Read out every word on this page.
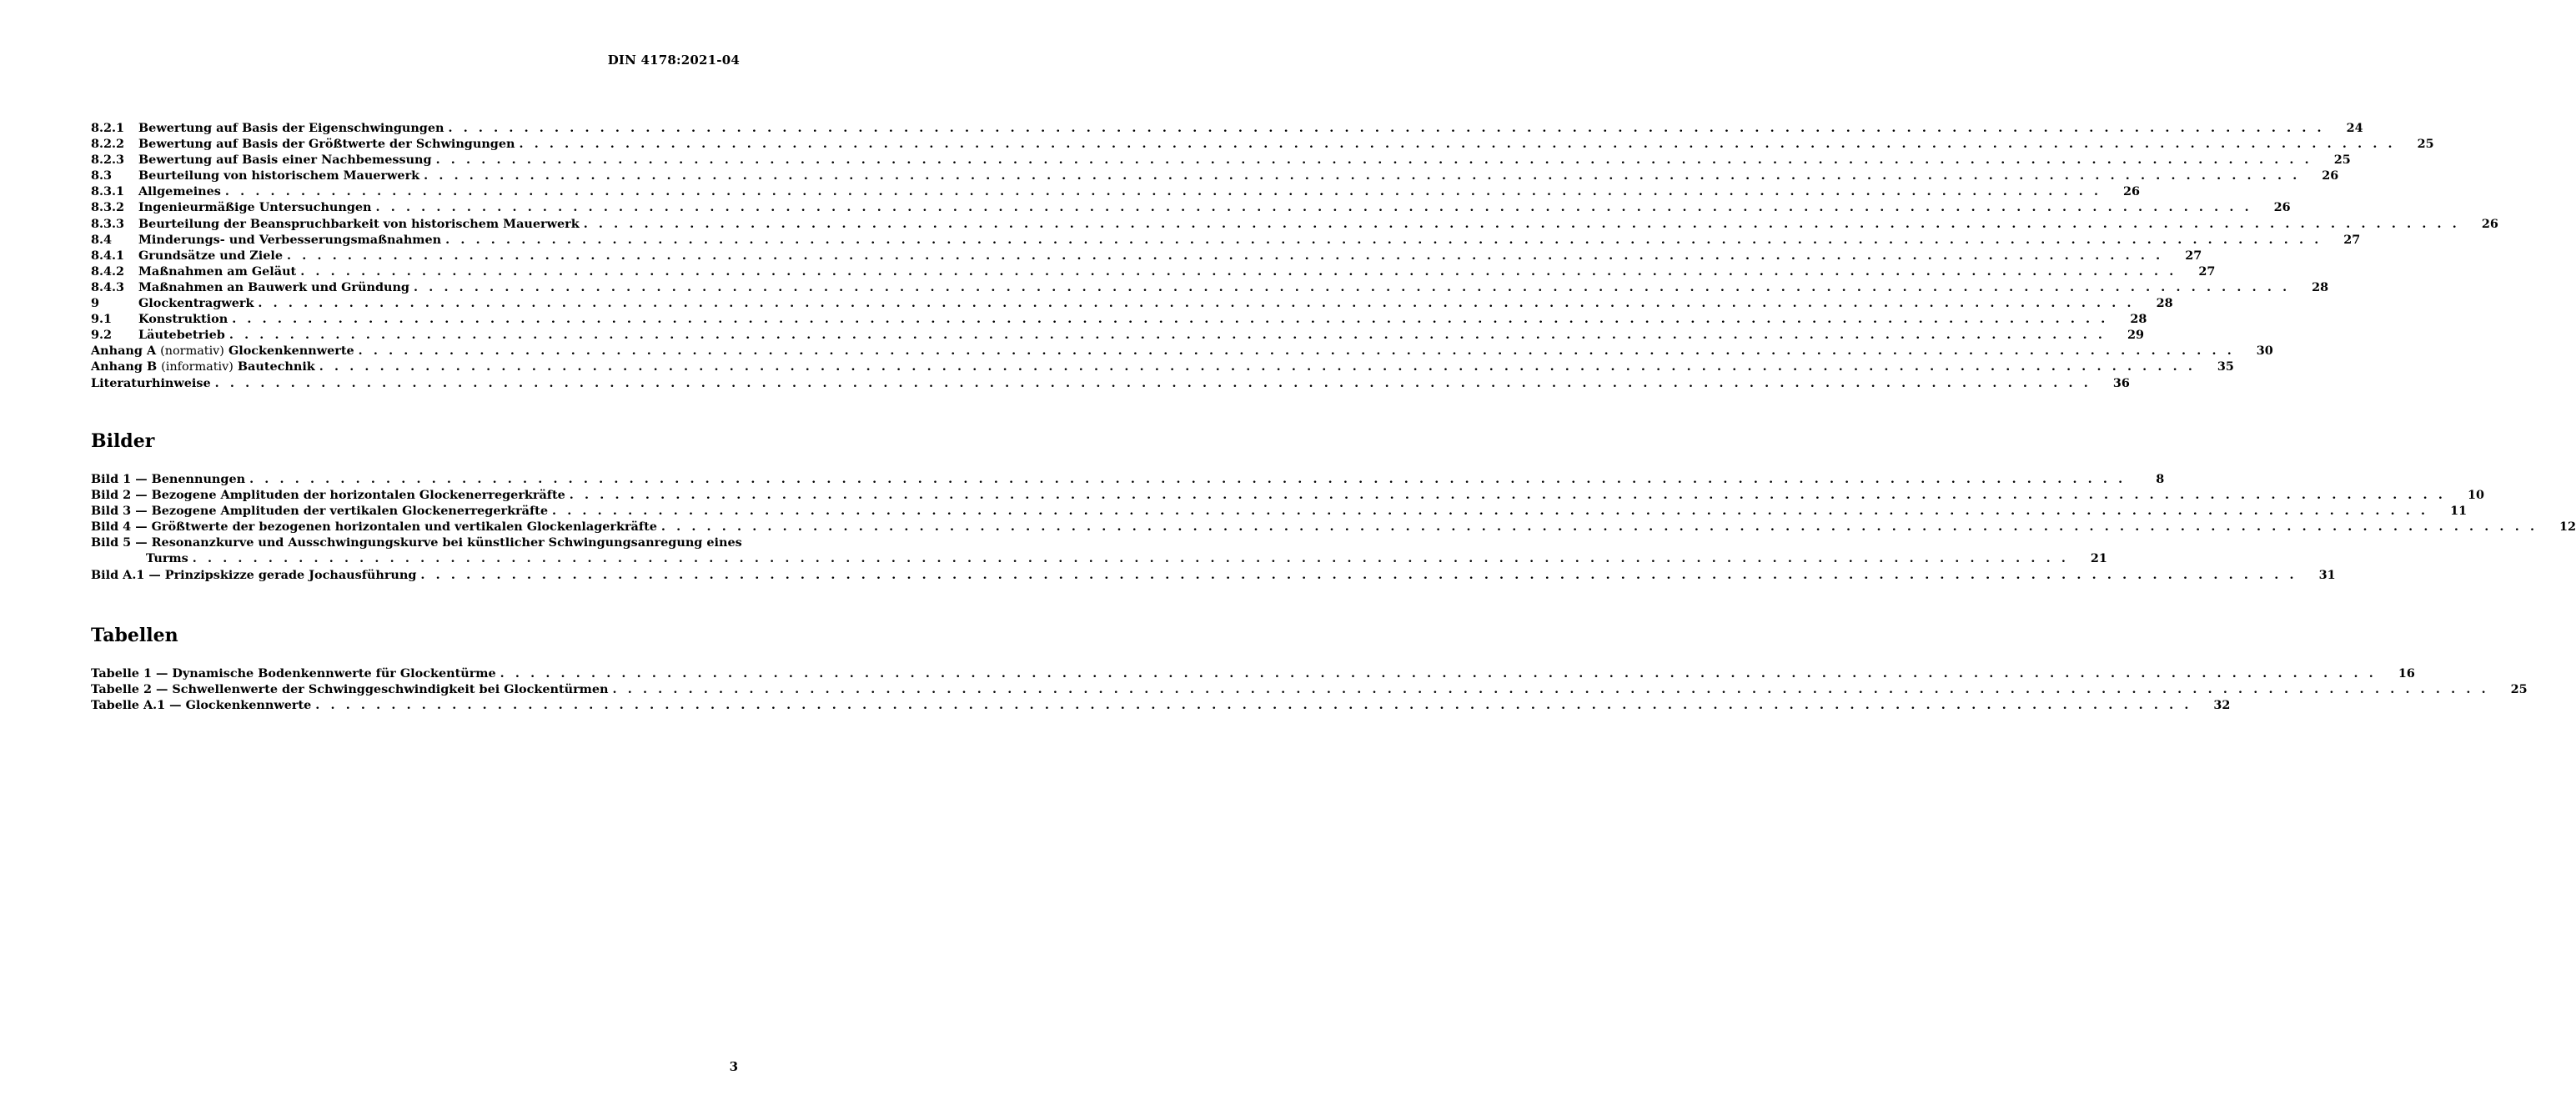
DIN 4178:2021-04
8.2.1	Bewertung auf Basis der Eigenschwingungen . . .	24
8.2.2	Bewertung auf Basis der Größtwerte der Schwingungen . . .	25
8.2.3	Bewertung auf Basis einer Nachbemessung . . .	25
8.3	Beurteilung von historischem Mauerwerk . . .	26
8.3.1	Allgemeines . . .	26
8.3.2	Ingenieurmäßige Untersuchungen . . .	26
8.3.3	Beurteilung der Beanspruchbarkeit von historischem Mauerwerk . . .	26
8.4	Minderungs- und Verbesserungsmaßnahmen . . .	27
8.4.1	Grundsätze und Ziele . . .	27
8.4.2	Maßnahmen am Geläut . . .	27
8.4.3	Maßnahmen an Bauwerk und Gründung . . .	28
9	Glockentragwerk . . .	28
9.1	Konstruktion . . .	28
9.2	Läutebetrieb . . .	29
Anhang A (normativ) Glockenkennwerte . . .	30
Anhang B (informativ) Bautechnik . . .	35
Literaturhinweise . . .	36
Bilder
Bild 1 — Benennungen . . .	8
Bild 2 — Bezogene Amplituden der horizontalen Glockenerregerkräfte . . .	10
Bild 3 — Bezogene Amplituden der vertikalen Glockenerregerkräfte . . .	11
Bild 4 — Größtwerte der bezogenen horizontalen und vertikalen Glockenlagerkräfte . . .	12
Bild 5 — Resonanzkurve und Ausschwingungskurve bei künstlicher Schwingungsanregung eines
Turms . . .	21
Bild A.1 — Prinzipskizze gerade Jochausführung . . .	31
Tabellen
Tabelle 1 — Dynamische Bodenkennwerte für Glockentürme . . .	16
Tabelle 2 — Schwellenwerte der Schwinggeschwindigkeit bei Glockentürmen . . .	25
Tabelle A.1 — Glockenkennwerte . . .	32
3
